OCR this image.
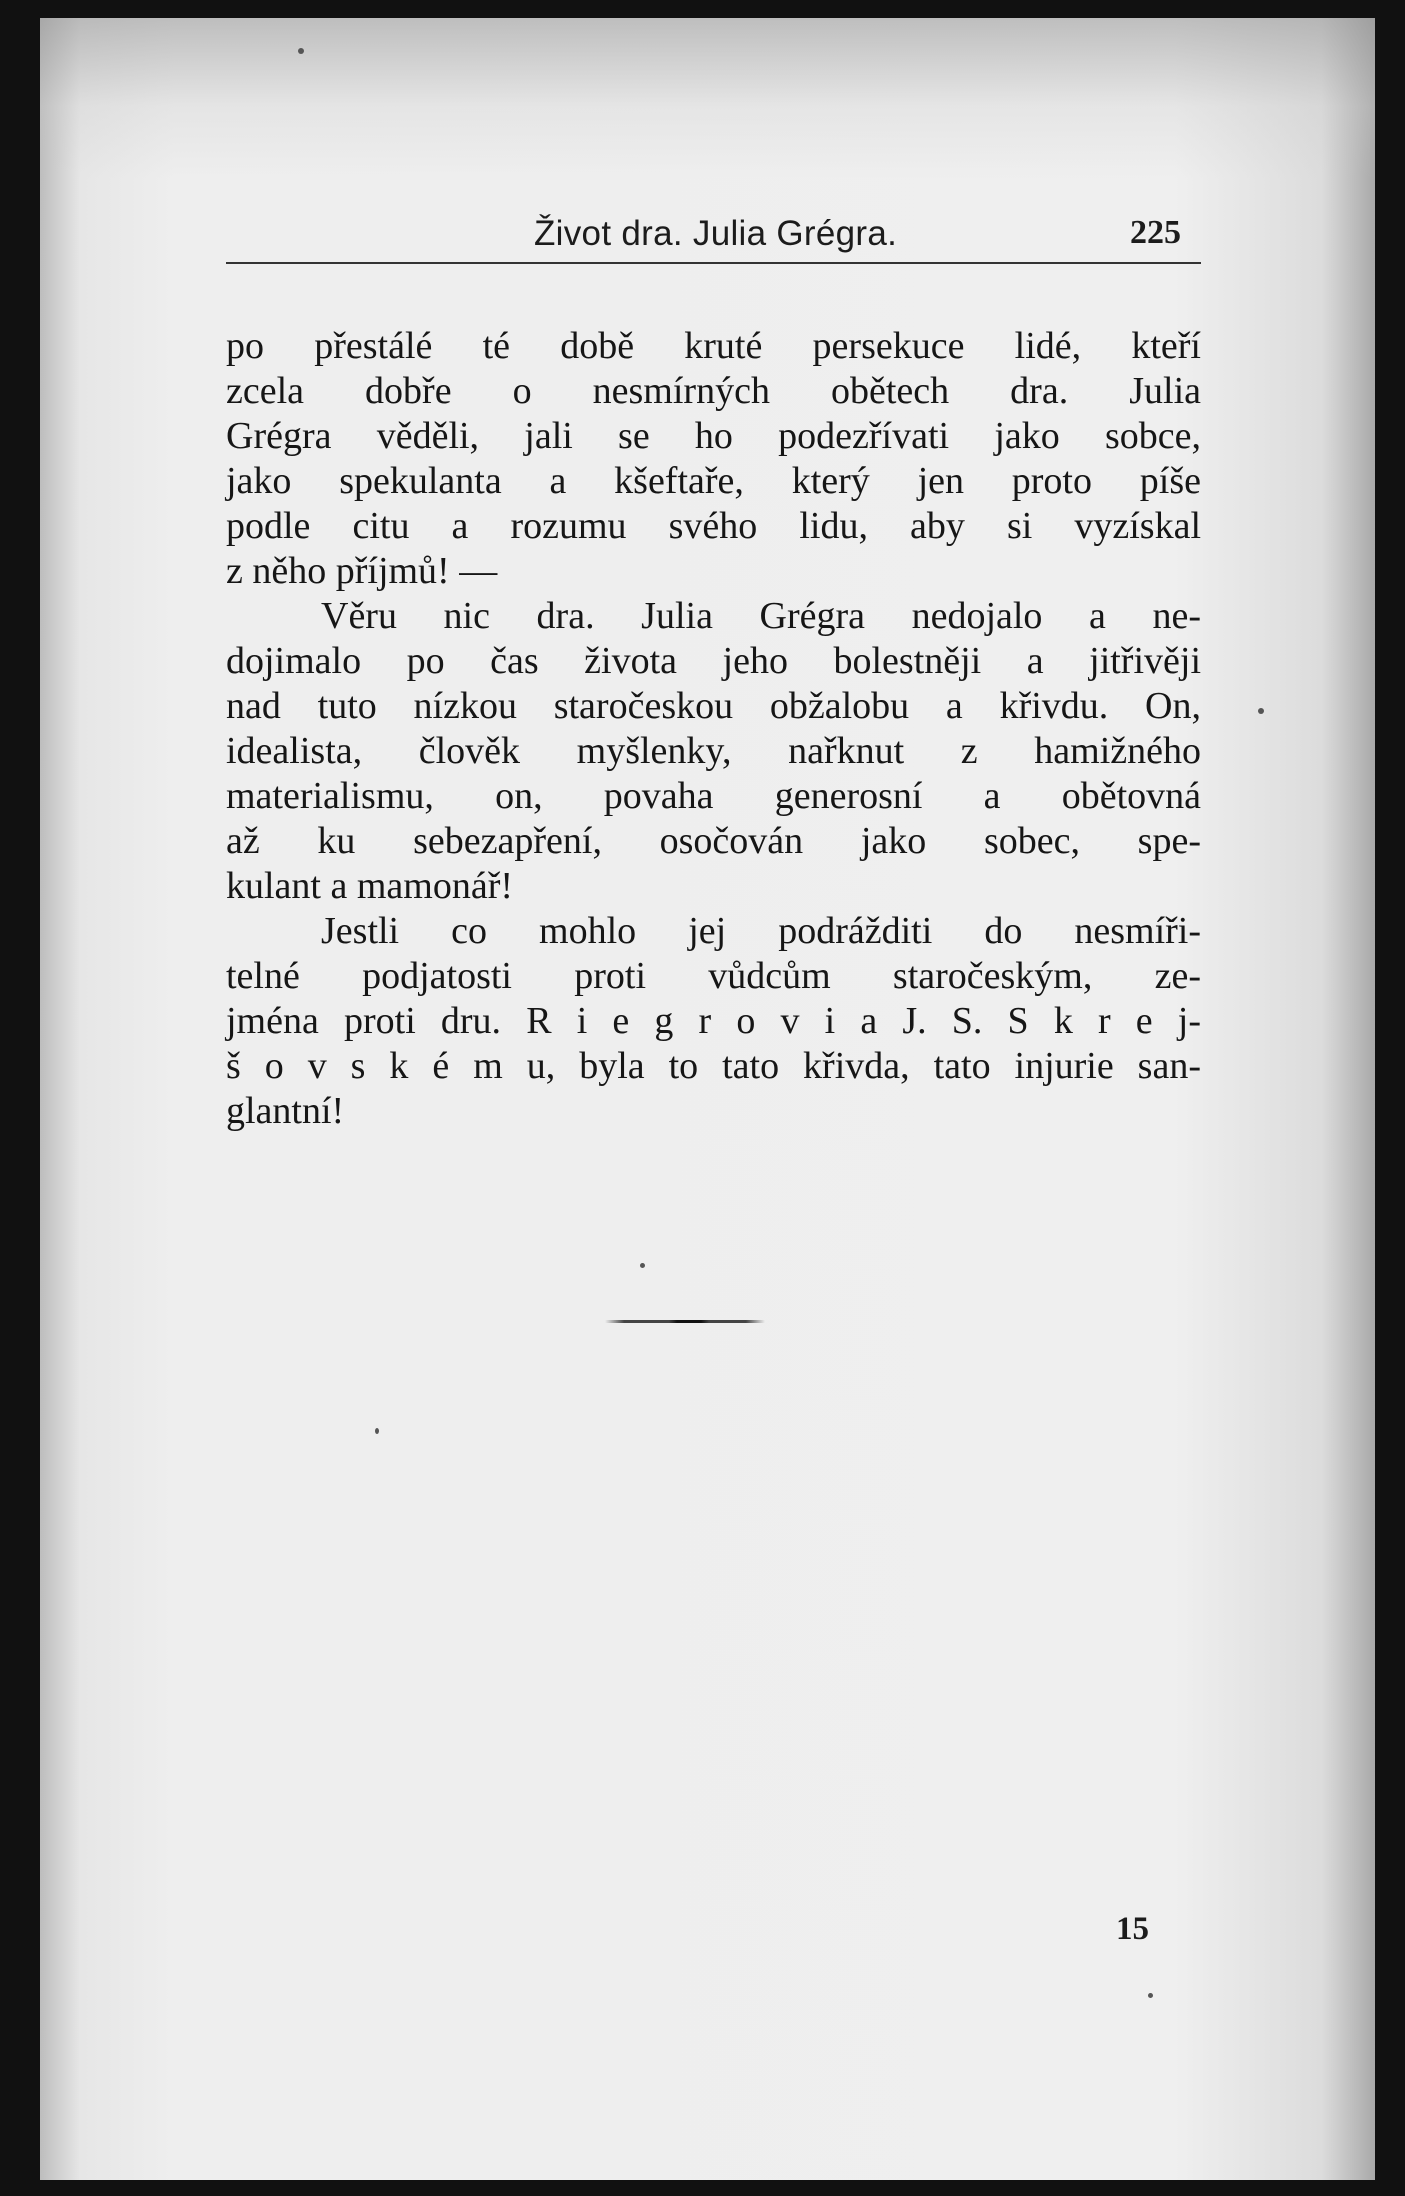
Život dra. Julia Grégra.	225
po přestálé té době kruté persekuce lidé, kteří
zcela dobře o nesmírných obětech dra. Julia
Grégra věděli, jali se ho podezřívati jako sobce,
jako spekulanta a kšeftaře, který jen proto píše
podle citu a rozumu svého lidu, aby si vyzískal
z něho příjmů! —
Věru nic dra. Julia Grégra nedojalo a ne-
dojimalo po čas života jeho bolestněji a jitřivěji
nad tuto nízkou staročeskou obžalobu a křivdu. On,
idealista, člověk myšlenky, nařknut z hamižného
materialismu, on, povaha generosní a obětovná
až ku sebezapření, osočován jako sobec, spe-
kulant a mamonář!
Jestli co mohlo jej podrážditi do nesmíři-
telné podjatosti proti vůdcům staročeským, ze-
jména proti dru. R i e g r o v i a J. S. S k r e j-
š o v s k é m u, byla to tato křivda, tato injurie san-
glantní!
15
